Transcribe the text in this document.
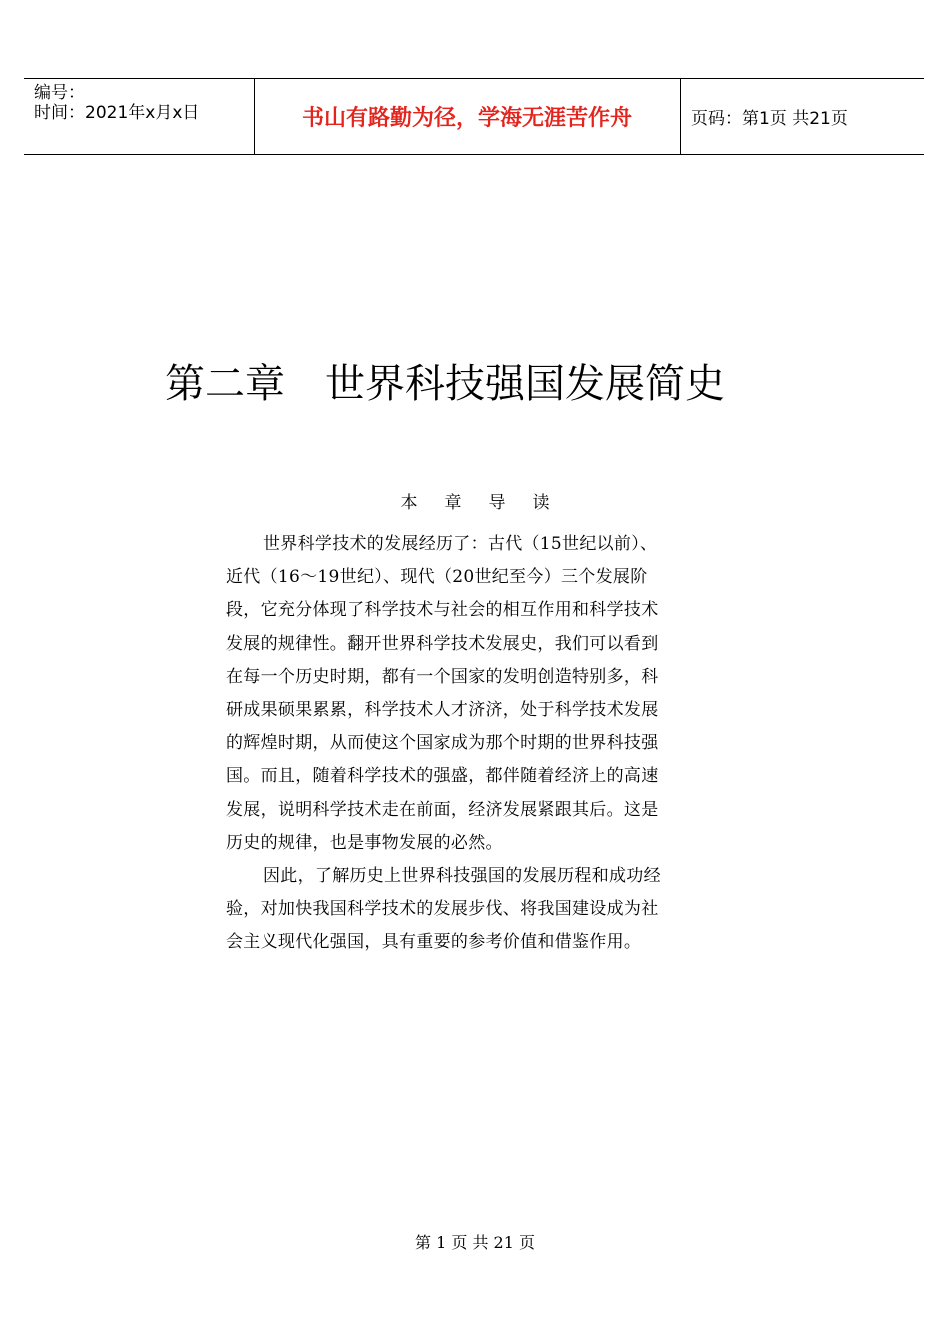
编号：
时间：2021年x月x日	书山有路勤为径，学海无涯苦作舟	页码：第1页 共21页
第二章　世界科技强国发展简史
本章导读
世界科学技术的发展经历了：古代（15世纪以前）、
近代（16～19世纪）、现代（20世纪至今）三个发展阶
段，它充分体现了科学技术与社会的相互作用和科学技术
发展的规律性。翻开世界科学技术发展史，我们可以看到
在每一个历史时期，都有一个国家的发明创造特别多，科
研成果硕果累累，科学技术人才济济，处于科学技术发展
的辉煌时期，从而使这个国家成为那个时期的世界科技强
国。而且，随着科学技术的强盛，都伴随着经济上的高速
发展，说明科学技术走在前面，经济发展紧跟其后。这是
历史的规律，也是事物发展的必然。
因此，了解历史上世界科技强国的发展历程和成功经
验，对加快我国科学技术的发展步伐、将我国建设成为社
会主义现代化强国，具有重要的参考价值和借鉴作用。
第 1 页 共 21 页
